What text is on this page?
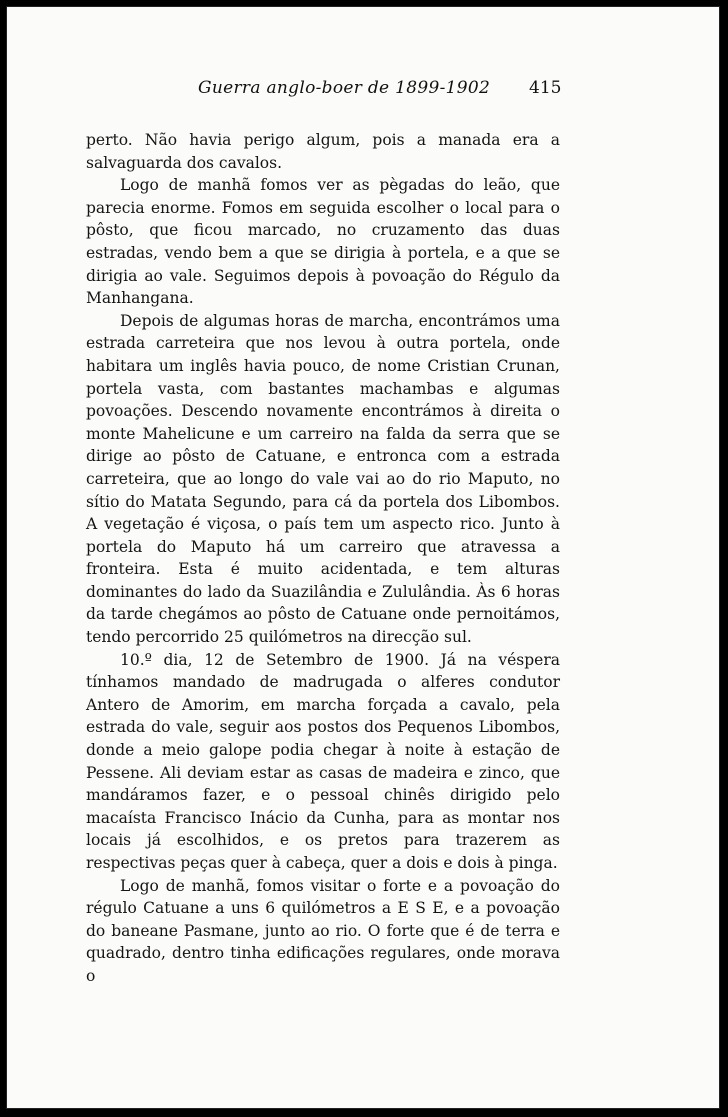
Guerra anglo-boer de 1899-1902 415

perto. Não havia perigo algum, pois a manada era a salvaguarda dos cavalos.

Logo de manhã fomos ver as pègadas do leão, que parecia enorme. Fomos em seguida escolher o local para o pôsto, que ficou marcado, no cruzamento das duas estradas, vendo bem a que se dirigia à portela, e a que se dirigia ao vale. Seguimos depois à povoação do Régulo da Manhangana.

Depois de algumas horas de marcha, encontrámos uma estrada carreteira que nos levou à outra portela, onde habitara um inglês havia pouco, de nome Cristian Crunan, portela vasta, com bastantes machambas e algumas povoações. Descendo novamente encontrámos à direita o monte Mahelicune e um carreiro na falda da serra que se dirige ao pôsto de Catuane, e entronca com a estrada carreteira, que ao longo do vale vai ao do rio Maputo, no sítio do Matata Segundo, para cá da portela dos Libombos. A vegetação é viçosa, o país tem um aspecto rico. Junto à portela do Maputo há um carreiro que atravessa a fronteira. Esta é muito acidentada, e tem alturas dominantes do lado da Suazilândia e Zululândia. Às 6 horas da tarde chegámos ao pôsto de Catuane onde pernoitámos, tendo percorrido 25 quilómetros na direcção sul.

10.º dia, 12 de Setembro de 1900. Já na véspera tínhamos mandado de madrugada o alferes condutor Antero de Amorim, em marcha forçada a cavalo, pela estrada do vale, seguir aos postos dos Pequenos Libombos, donde a meio galope podia chegar à noite à estação de Pessene. Ali deviam estar as casas de madeira e zinco, que mandáramos fazer, e o pessoal chinês dirigido pelo macaísta Francisco Inácio da Cunha, para as montar nos locais já escolhidos, e os pretos para trazerem as respectivas peças quer à cabeça, quer a dois e dois à pinga.

Logo de manhã, fomos visitar o forte e a povoação do régulo Catuane a uns 6 quilómetros a E S E, e a povoação do baneane Pasmane, junto ao rio. O forte que é de terra e quadrado, dentro tinha edificações regulares, onde morava o
